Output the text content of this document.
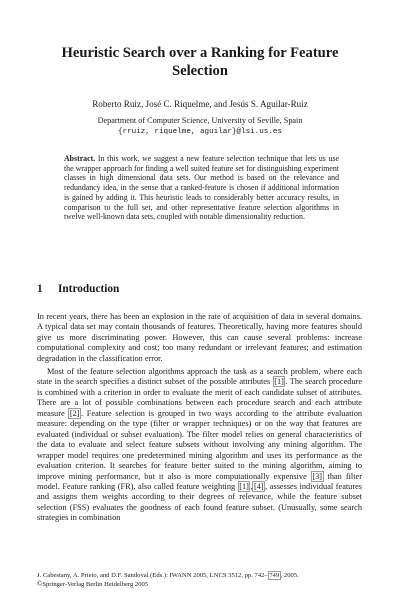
Heuristic Search over a Ranking for Feature Selection
Roberto Ruiz, José C. Riquelme, and Jesús S. Aguilar-Ruiz
Department of Computer Science, University of Seville, Spain
{rruiz, riquelme, aguilar}@lsi.us.es

Abstract. In this work, we suggest a new feature selection technique that lets us use the wrapper approach for finding a well suited feature set for distinguishing experiment classes in high dimensional data sets. Our method is based on the relevance and redundancy idea, in the sense that a ranked-feature is chosen if additional information is gained by adding it. This heuristic leads to considerably better accuracy results, in comparison to the full set, and other representative feature selection algorithms in twelve well-known data sets, coupled with notable dimensionality reduction.

1 Introduction

In recent years, there has been an explosion in the rate of acquisition of data in several domains. A typical data set may contain thousands of features. Theoretically, having more features should give us more discriminating power. However, this can cause several problems: increase computational complexity and cost; too many redundant or irrelevant features; and estimation degradation in the classification error.

Most of the feature selection algorithms approach the task as a search problem, where each state in the search specifies a distinct subset of the possible attributes [1] . The search procedure is combined with a criterion in order to evaluate the merit of each candidate subset of attributes. There are a lot of possible combinations between each procedure search and each attribute measure [2] . Feature selection is grouped in two ways according to the attribute evaluation measure: depending on the type (filter or wrapper techniques) or on the way that features are evaluated (individual or subset evaluation). The filter model relies on general characteristics of the data to evaluate and select feature subsets without involving any mining algorithm. The wrapper model requires one predetermined mining algorithm and uses its performance as the evaluation criterion. It searches for feature better suited to the mining algorithm, aiming to improve mining performance, but it also is more computationally expensive [3] than filter model. Feature ranking (FR), also called feature weighting [1] , [4] , assesses individual features and assigns them weights according to their degrees of relevance, while the feature subset selection (FSS) evaluates the goodness of each found feature subset. (Unusually, some search strategies in combination

J. Cabestany, A. Prieto, and D.F. Sandoval (Eds.): IWANN 2005, LNCS 3512, pp. 742– 749 , 2005.
©Springer-Verlag Berlin Heidelberg 2005
